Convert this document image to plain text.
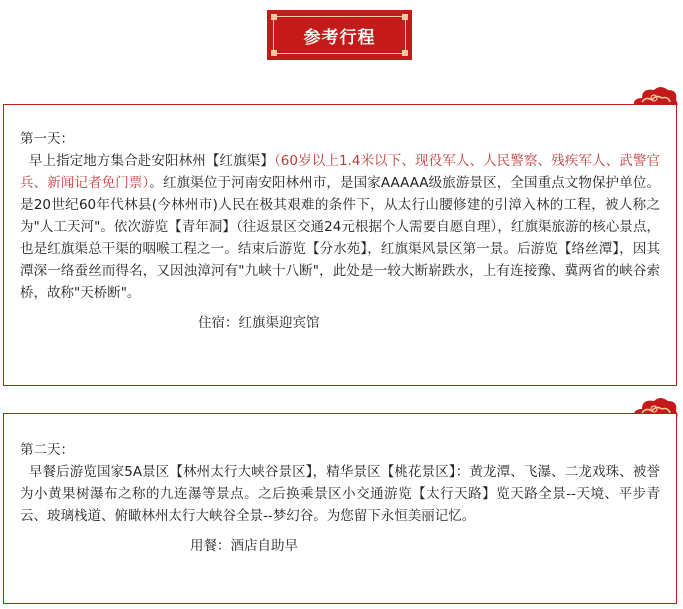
参考行程
第一天：
早上指定地方集合赴安阳林州【红旗渠】（60岁以上1.4米以下、现役军人、人民警察、残疾军人、武警官兵、新闻记者免门票）。红旗渠位于河南安阳林州市，是国家AAAAA级旅游景区，全国重点文物保护单位。是20世纪60年代林县(今林州市)人民在极其艰难的条件下，从太行山腰修建的引漳入林的工程，被人称之为"人工天河"。依次游览【青年洞】（往返景区交通24元根据个人需要自愿自理），红旗渠旅游的核心景点，也是红旗渠总干渠的咽喉工程之一。结束后游览【分水苑】，红旗渠风景区第一景。后游览【络丝潭】，因其潭深一络蚕丝而得名，又因浊漳河有"九峡十八断"，此处是一较大断崭跌水，上有连接豫、冀两省的峡谷索桥，故称"天桥断"。
住宿：红旗渠迎宾馆
第二天：
早餐后游览国家5A景区【林州太行大峡谷景区】，精华景区【桃花景区】：黄龙潭、飞瀑、二龙戏珠、被誉为小黄果树瀑布之称的九连瀑等景点。之后换乘景区小交通游览【太行天路】览天路全景--天境、平步青云、玻璃栈道、俯瞰林州太行大峡谷全景--梦幻谷。为您留下永恒美丽记忆。
用餐：酒店自助早
